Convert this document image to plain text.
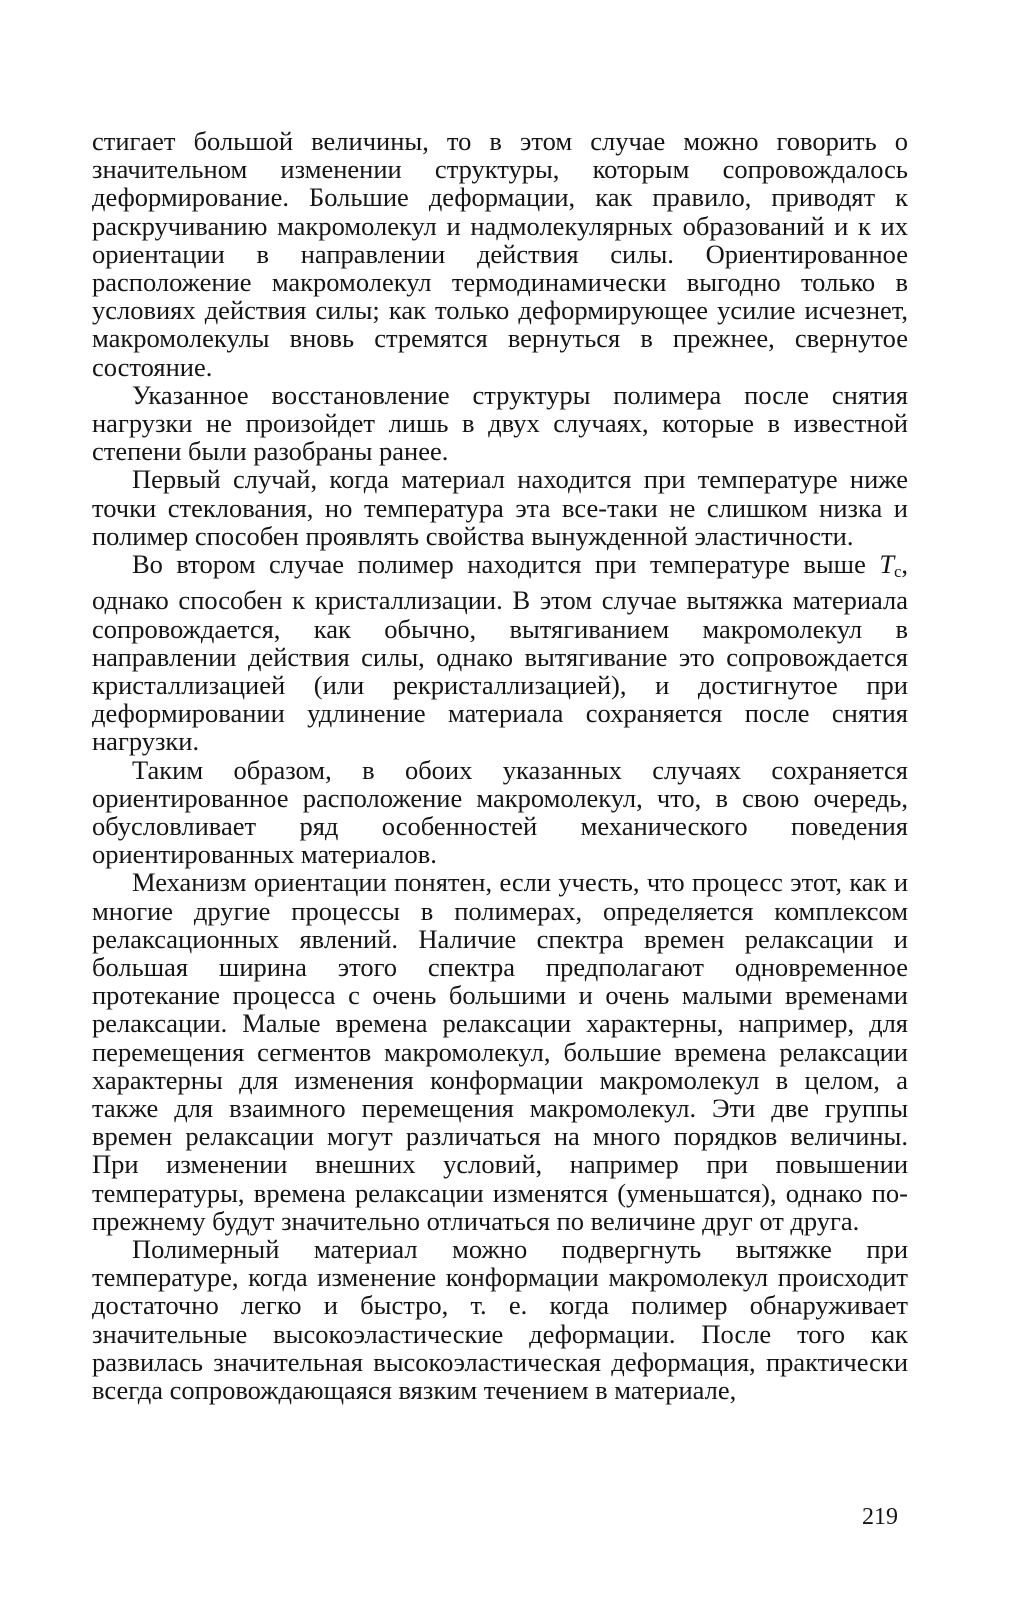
стигает большой величины, то в этом случае можно говорить о значительном изменении структуры, которым сопровождалось деформирование. Большие деформации, как правило, приводят к раскручиванию макромолекул и надмолекулярных образований и к их ориентации в направлении действия силы. Ориентированное расположение макромолекул термодинамически выгодно только в условиях действия силы; как только деформирующее усилие исчезнет, макромолекулы вновь стремятся вернуться в прежнее, свернутое состояние.

Указанное восстановление структуры полимера после снятия нагрузки не произойдет лишь в двух случаях, которые в известной степени были разобраны ранее.

Первый случай, когда материал находится при температуре ниже точки стеклования, но температура эта все-таки не слишком низка и полимер способен проявлять свойства вынужденной эластичности.

Во втором случае полимер находится при температуре выше $T_с$, однако способен к кристаллизации. В этом случае вытяжка материала сопровождается, как обычно, вытягиванием макромолекул в направлении действия силы, однако вытягивание это сопровождается кристаллизацией (или рекристаллизацией), и достигнутое при деформировании удлинение материала сохраняется после снятия нагрузки.

Таким образом, в обоих указанных случаях сохраняется ориентированное расположение макромолекул, что, в свою очередь, обусловливает ряд особенностей механического поведения ориентированных материалов.

Механизм ориентации понятен, если учесть, что процесс этот, как и многие другие процессы в полимерах, определяется комплексом релаксационных явлений. Наличие спектра времен релаксации и большая ширина этого спектра предполагают одновременное протекание процесса с очень большими и очень малыми временами релаксации. Малые времена релаксации характерны, например, для перемещения сегментов макромолекул, большие времена релаксации характерны для изменения конформации макромолекул в целом, а также для взаимного перемещения макромолекул. Эти две группы времен релаксации могут различаться на много порядков величины. При изменении внешних условий, например при повышении температуры, времена релаксации изменятся (уменьшатся), однако по-прежнему будут значительно отличаться по величине друг от друга.

Полимерный материал можно подвергнуть вытяжке при температуре, когда изменение конформации макромолекул происходит достаточно легко и быстро, т. е. когда полимер обнаруживает значительные высокоэластические деформации. После того как развилась значительная высокоэластическая деформация, практически всегда сопровождающаяся вязким течением в материале,

219
